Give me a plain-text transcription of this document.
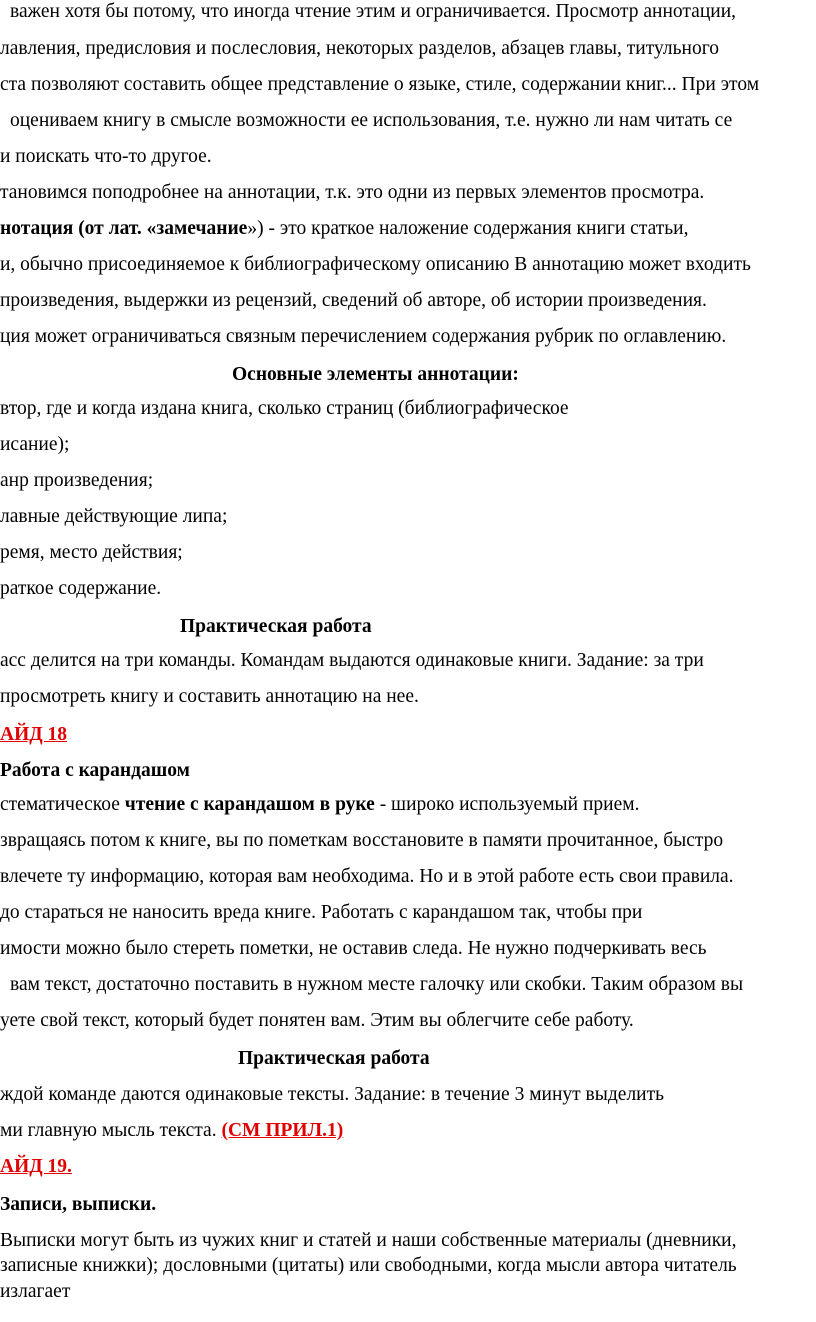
важен хотя бы потому, что иногда чтение этим и ограничивается. Просмотр аннотации,
лавления, предисловия и послесловия, некоторых разделов, абзацев главы, титульного
ста позволяют составить общее представление о языке, стиле, содержании книг... При этом
оцениваем книгу в смысле возможности ее использования, т.е. нужно ли нам читать се
и поискать что-то другое.
тановимся поподробнее на аннотации, т.к. это одни из первых элементов просмотра.
нотация (от лат. «замечание») - это краткое наложение содержания книги статьи,
и, обычно присоединяемое к библиографическому описанию В аннотацию может входить
произведения, выдержки из рецензий, сведений об авторе, об истории произведения.
ция может ограничиваться связным перечислением содержания рубрик по оглавлению.
Основные элементы аннотации:
втор, где и когда издана книга, сколько страниц (библиографическое
исание);
анр произведения;
лавные действующие липа;
ремя, место действия;
раткое содержание.
Практическая работа
асс делится на три команды. Командам выдаются одинаковые книги. Задание: за три
просмотреть книгу и составить аннотацию на нее.
АЙД 18
Работа с карандашом
стематическое чтение с карандашом в руке - широко используемый прием.
звращаясь потом к книге, вы по пометкам восстановите в памяти прочитанное, быстро
влечете ту информацию, которая вам необходима. Но и в этой работе есть свои правила.
до стараться не наносить вреда книге. Работать с карандашом так, чтобы при
имости можно было стереть пометки, не оставив следа. Не нужно подчеркивать весь
вам текст, достаточно поставить в нужном месте галочку или скобки. Таким образом вы
уете свой текст, который будет понятен вам. Этим вы облегчите себе работу.
Практическая работа
ждой команде даются одинаковые тексты. Задание: в течение 3 минут выделить
ми главную мысль текста. (СМ ПРИЛ.1)
АЙД 19.
Записи, выписки.
Выписки могут быть из чужих книг и статей и наши собственные материалы (дневники,
записные книжки); дословными (цитаты) или свободными, когда мысли автора читатель
излагает
